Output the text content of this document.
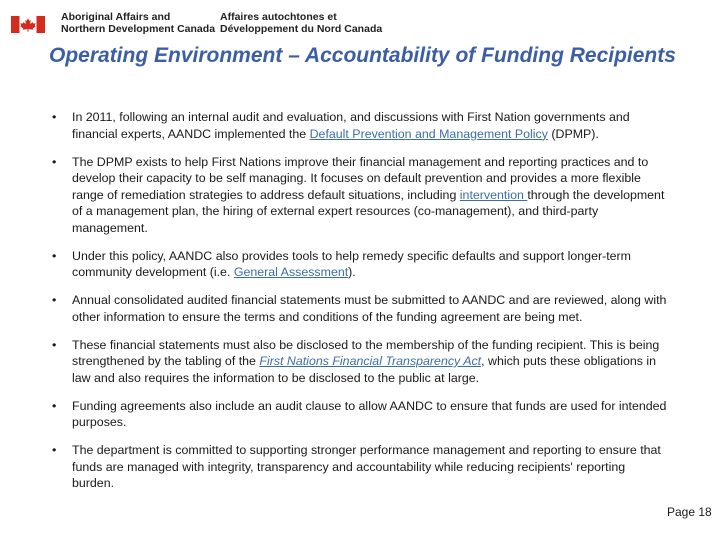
Aboriginal Affairs and
Northern Development Canada
Affaires autochtones et
Développement du Nord Canada
Operating Environment – Accountability of Funding Recipients
• In 2011, following an internal audit and evaluation, and discussions with First Nation governments and financial experts, AANDC implemented the Default Prevention and Management Policy (DPMP).
• The DPMP exists to help First Nations improve their financial management and reporting practices and to develop their capacity to be self managing. It focuses on default prevention and provides a more flexible range of remediation strategies to address default situations, including intervention through the development of a management plan, the hiring of external expert resources (co-management), and third-party management.
• Under this policy, AANDC also provides tools to help remedy specific defaults and support longer-term community development (i.e. General Assessment).
• Annual consolidated audited financial statements must be submitted to AANDC and are reviewed, along with other information to ensure the terms and conditions of the funding agreement are being met.
• These financial statements must also be disclosed to the membership of the funding recipient. This is being strengthened by the tabling of the First Nations Financial Transparency Act, which puts these obligations in law and also requires the information to be disclosed to the public at large.
• Funding agreements also include an audit clause to allow AANDC to ensure that funds are used for intended purposes.
• The department is committed to supporting stronger performance management and reporting to ensure that funds are managed with integrity, transparency and accountability while reducing recipients' reporting burden.
Page 18
